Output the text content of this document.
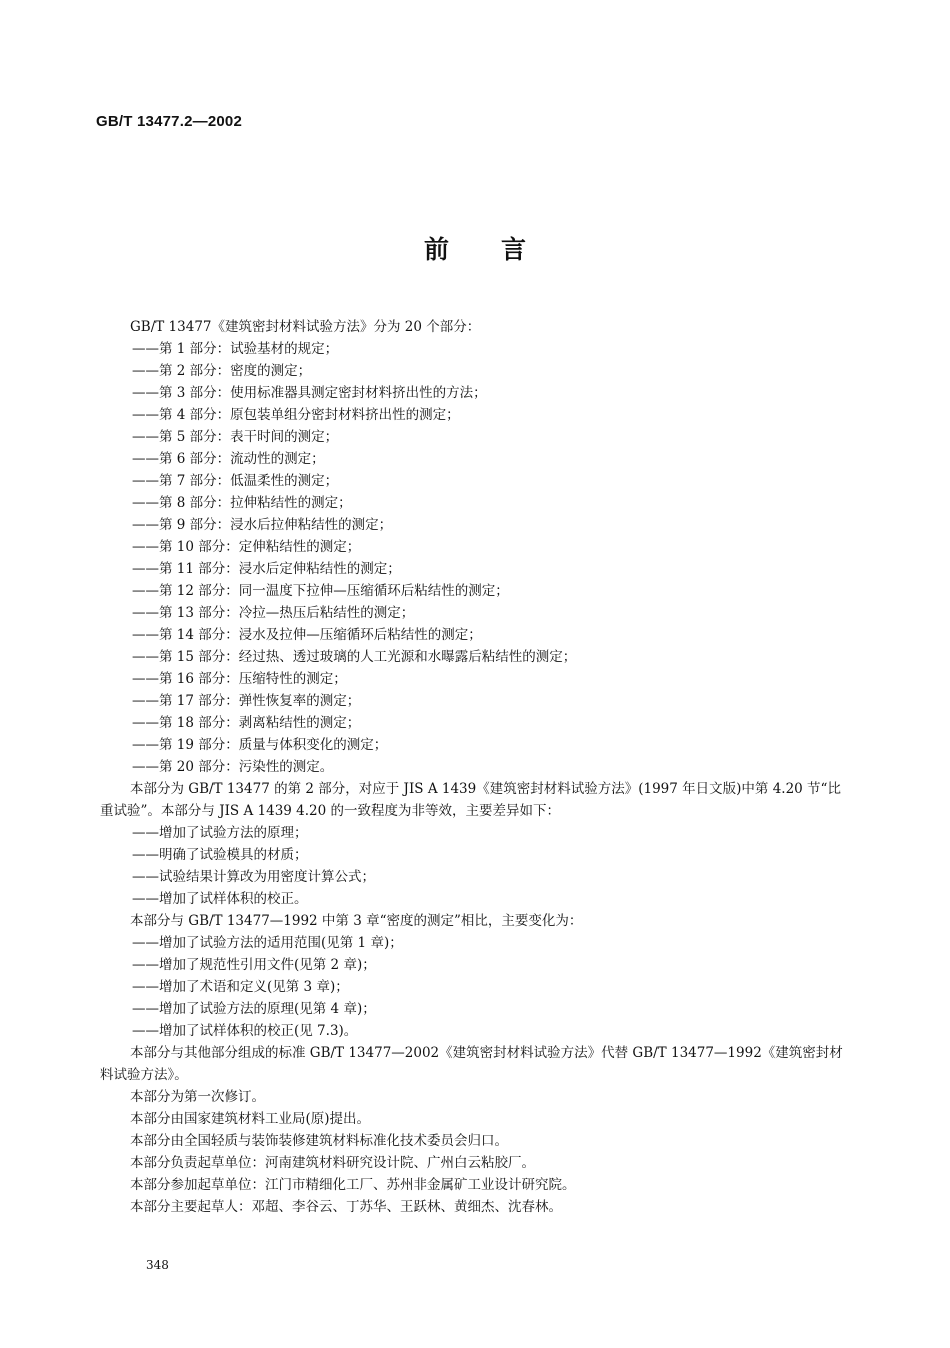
GB/T 13477.2—2002
前 言
GB/T 13477《建筑密封材料试验方法》分为 20 个部分：
——第 1 部分：试验基材的规定；
——第 2 部分：密度的测定；
——第 3 部分：使用标准器具测定密封材料挤出性的方法；
——第 4 部分：原包装单组分密封材料挤出性的测定；
——第 5 部分：表干时间的测定；
——第 6 部分：流动性的测定；
——第 7 部分：低温柔性的测定；
——第 8 部分：拉伸粘结性的测定；
——第 9 部分：浸水后拉伸粘结性的测定；
——第 10 部分：定伸粘结性的测定；
——第 11 部分：浸水后定伸粘结性的测定；
——第 12 部分：同一温度下拉伸—压缩循环后粘结性的测定；
——第 13 部分：冷拉—热压后粘结性的测定；
——第 14 部分：浸水及拉伸—压缩循环后粘结性的测定；
——第 15 部分：经过热、透过玻璃的人工光源和水曝露后粘结性的测定；
——第 16 部分：压缩特性的测定；
——第 17 部分：弹性恢复率的测定；
——第 18 部分：剥离粘结性的测定；
——第 19 部分：质量与体积变化的测定；
——第 20 部分：污染性的测定。
本部分为 GB/T 13477 的第 2 部分，对应于 JIS A 1439《建筑密封材料试验方法》(1997 年日文版)中第 4.20 节“比重试验”。本部分与 JIS A 1439 4.20 的一致程度为非等效，主要差异如下：
——增加了试验方法的原理；
——明确了试验模具的材质；
——试验结果计算改为用密度计算公式；
——增加了试样体积的校正。
本部分与 GB/T 13477—1992 中第 3 章“密度的测定”相比，主要变化为：
——增加了试验方法的适用范围(见第 1 章)；
——增加了规范性引用文件(见第 2 章)；
——增加了术语和定义(见第 3 章)；
——增加了试验方法的原理(见第 4 章)；
——增加了试样体积的校正(见 7.3)。
本部分与其他部分组成的标准 GB/T 13477—2002《建筑密封材料试验方法》代替 GB/T 13477—1992《建筑密封材料试验方法》。
本部分为第一次修订。
本部分由国家建筑材料工业局(原)提出。
本部分由全国轻质与装饰装修建筑材料标准化技术委员会归口。
本部分负责起草单位：河南建筑材料研究设计院、广州白云粘胶厂。
本部分参加起草单位：江门市精细化工厂、苏州非金属矿工业设计研究院。
本部分主要起草人：邓超、李谷云、丁苏华、王跃林、黄细杰、沈春林。
348
